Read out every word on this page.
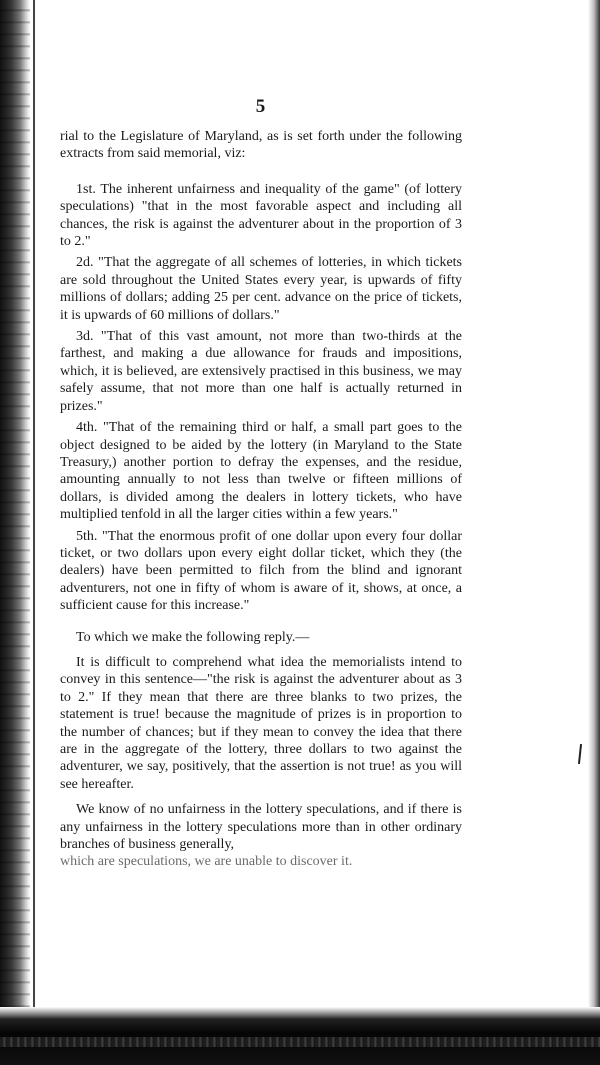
5

rial to the Legislature of Maryland, as is set forth under the following extracts from said memorial, viz:

1st. The inherent unfairness and inequality of the game" (of lottery speculations) "that in the most favorable aspect and including all chances, the risk is against the adventurer about in the proportion of 3 to 2."

2d. "That the aggregate of all schemes of lotteries, in which tickets are sold throughout the United States every year, is upwards of fifty millions of dollars; adding 25 per cent. advance on the price of tickets, it is upwards of 60 millions of dollars."

3d. "That of this vast amount, not more than two-thirds at the farthest, and making a due allowance for frauds and impositions, which, it is believed, are extensively practised in this business, we may safely assume, that not more than one half is actually returned in prizes."

4th. "That of the remaining third or half, a small part goes to the object designed to be aided by the lottery (in Maryland to the State Treasury,) another portion to defray the expenses, and the residue, amounting annually to not less than twelve or fifteen millions of dollars, is divided among the dealers in lottery tickets, who have multiplied tenfold in all the larger cities within a few years."

5th. "That the enormous profit of one dollar upon every four dollar ticket, or two dollars upon every eight dollar ticket, which they (the dealers) have been permitted to filch from the blind and ignorant adventurers, not one in fifty of whom is aware of it, shows, at once, a sufficient cause for this increase."

To which we make the following reply.—

It is difficult to comprehend what idea the memorialists intend to convey in this sentence—"the risk is against the adventurer about as 3 to 2." If they mean that there are three blanks to two prizes, the statement is true! because the magnitude of prizes is in proportion to the number of chances; but if they mean to convey the idea that there are in the aggregate of the lottery, three dollars to two against the adventurer, we say, positively, that the assertion is not true! as you will see hereafter.

We know of no unfairness in the lottery speculations, and if there is any unfairness in the lottery speculations more than in other ordinary branches of business generally,

which are speculations, we are unable to discover it.
